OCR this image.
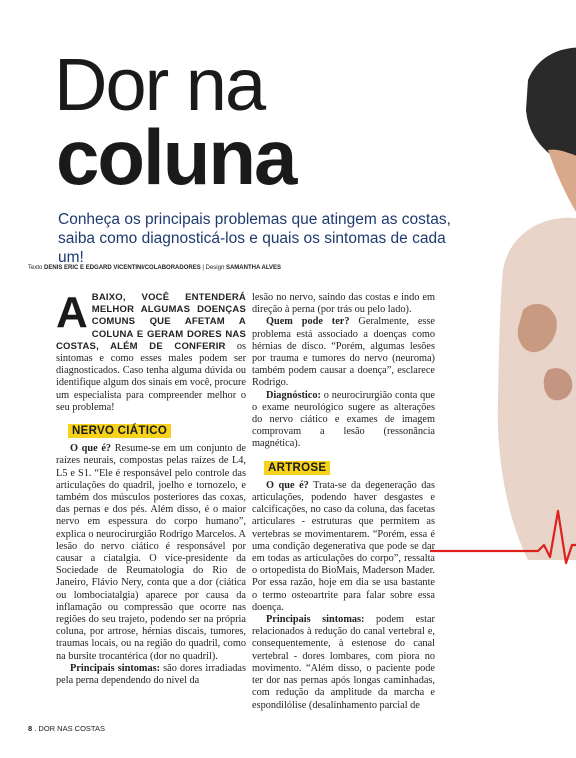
Dor na
coluna
Conheça os principais problemas que atingem as costas, saiba como diagnosticá-los e quais os sintomas de cada um!
Texto DENIS ERIC E EDGARD VICENTINI/COLABORADORES | Design SAMANTHA ALVES

ABAIXO, VOCÊ ENTENDERÁ MELHOR ALGUMAS DOENÇAS COMUNS QUE AFETAM A COLUNA E GERAM DORES NAS COSTAS, ALÉM DE CONFERIR os sintomas e como esses males podem ser diagnosticados. Caso tenha alguma dúvida ou identifique algum dos sinais em você, procure um especialista para compreender melhor o seu problema!

NERVO CIÁTICO

O que é? Resume-se em um conjunto de raízes neurais, compostas pelas raízes de L4, L5 e S1. “Ele é responsável pelo controle das articulações do quadril, joelho e tornozelo, e também dos músculos posteriores das coxas, das pernas e dos pés. Além disso, é o maior nervo em espessura do corpo humano”, explica o neurocirurgião Rodrigo Marcelos. A lesão do nervo ciático é responsável por causar a ciatalgia. O vice-presidente da Sociedade de Reumatologia do Rio de Janeiro, Flávio Nery, conta que a dor (ciática ou lombociatalgia) aparece por causa da inflamação ou compressão que ocorre nas regiões do seu trajeto, podendo ser na própria coluna, por artrose, hérnias discais, tumores, traumas locais, ou na região do quadril, como na bursite trocantérica (dor no quadril).

Principais sintomas: são dores irradiadas pela perna dependendo do nível da

lesão no nervo, saindo das costas e indo em direção à perna (por trás ou pelo lado).

Quem pode ter? Geralmente, esse problema está associado a doenças como hérnias de disco. “Porém, algumas lesões por trauma e tumores do nervo (neuroma) também podem causar a doença”, esclarece Rodrigo.

Diagnóstico: o neurocirurgião conta que o exame neurológico sugere as alterações do nervo ciático e exames de imagem comprovam a lesão (ressonância magnética).

ARTROSE

O que é? Trata-se da degeneração das articulações, podendo haver desgastes e calcificações, no caso da coluna, das facetas articulares - estruturas que permitem as vertebras se movimentarem. “Porém, essa é uma condição degenerativa que pode se dar em todas as articulações do corpo”, ressalta o ortopedista do BioMais, Maderson Mader. Por essa razão, hoje em dia se usa bastante o termo osteoartrite para falar sobre essa doença.

Principais sintomas: podem estar relacionados à redução do canal vertebral e, consequentemente, à estenose do canal vertebral - dores lombares, com piora no movimento. “Além disso, o paciente pode ter dor nas pernas após longas caminhadas, com redução da amplitude da marcha e espondilólise (desalinhamento parcial de

8 . DOR NAS COSTAS
